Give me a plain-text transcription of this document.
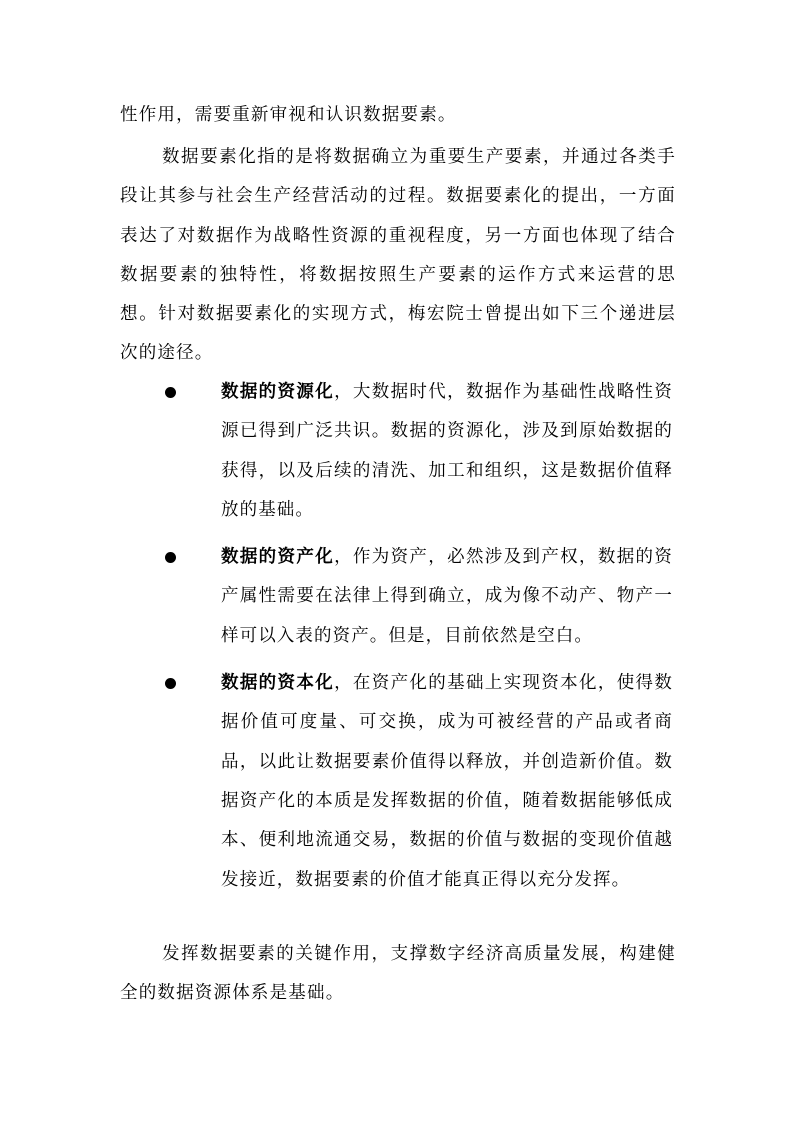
性作用，需要重新审视和认识数据要素。

数据要素化指的是将数据确立为重要生产要素，并通过各类手段让其参与社会生产经营活动的过程。数据要素化的提出，一方面表达了对数据作为战略性资源的重视程度，另一方面也体现了结合数据要素的独特性，将数据按照生产要素的运作方式来运营的思想。针对数据要素化的实现方式，梅宏院士曾提出如下三个递进层次的途径。

数据的资源化，大数据时代，数据作为基础性战略性资源已得到广泛共识。数据的资源化，涉及到原始数据的获得，以及后续的清洗、加工和组织，这是数据价值释放的基础。

数据的资产化，作为资产，必然涉及到产权，数据的资产属性需要在法律上得到确立，成为像不动产、物产一样可以入表的资产。但是，目前依然是空白。

数据的资本化，在资产化的基础上实现资本化，使得数据价值可度量、可交换，成为可被经营的产品或者商品，以此让数据要素价值得以释放，并创造新价值。数据资产化的本质是发挥数据的价值，随着数据能够低成本、便利地流通交易，数据的价值与数据的变现价值越发接近，数据要素的价值才能真正得以充分发挥。

发挥数据要素的关键作用，支撑数字经济高质量发展，构建健全的数据资源体系是基础。
